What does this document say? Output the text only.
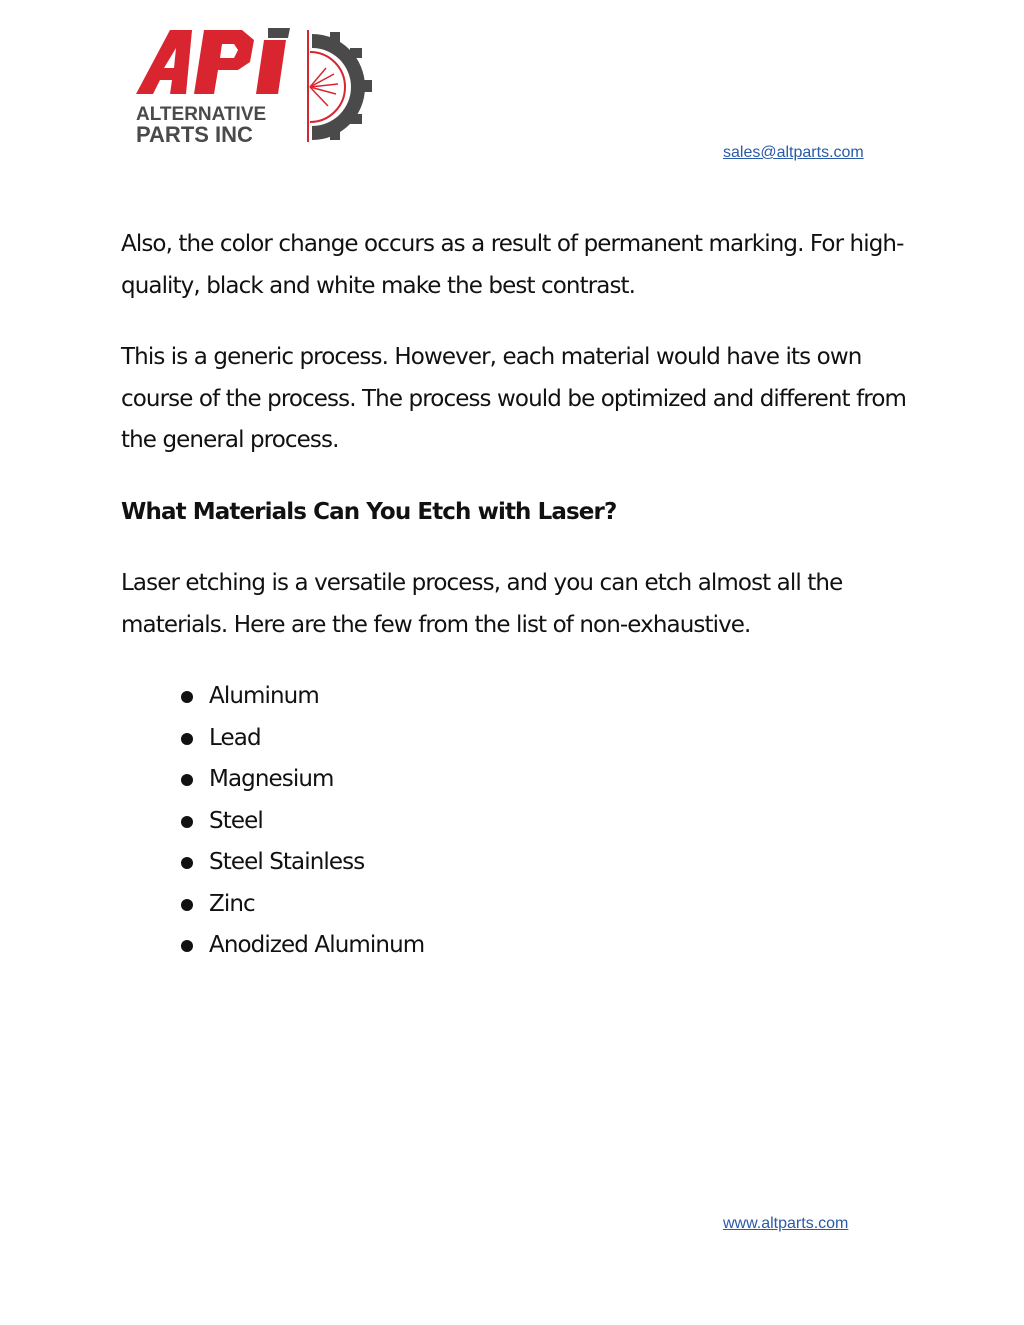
ALTERNATIVE
PARTS INC
sales@altparts.com

Also, the color change occurs as a result of permanent marking. For high-quality, black and white make the best contrast.

This is a generic process. However, each material would have its own course of the process. The process would be optimized and different from the general process.

What Materials Can You Etch with Laser?

Laser etching is a versatile process, and you can etch almost all the materials. Here are the few from the list of non-exhaustive.

Aluminum
Lead
Magnesium
Steel
Steel Stainless
Zinc
Anodized Aluminum
www.altparts.com
